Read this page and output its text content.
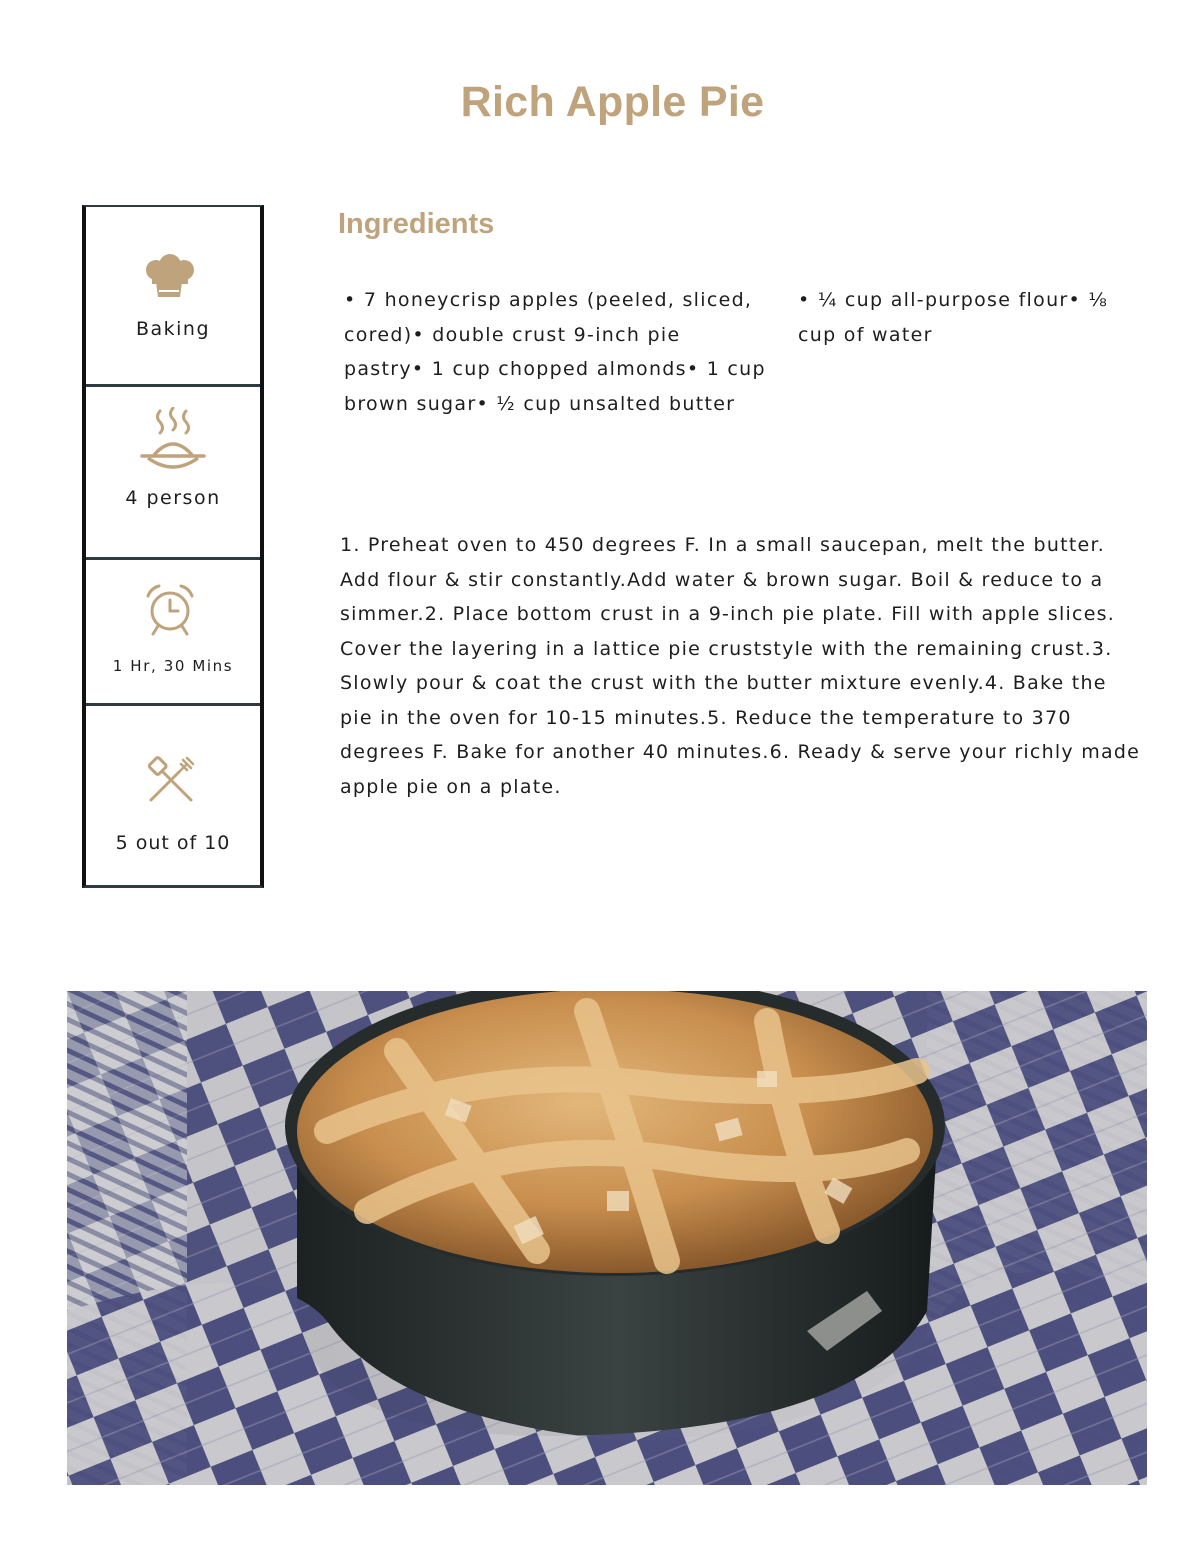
Rich Apple Pie
Baking
4 person
1 Hr, 30 Mins
5 out of 10
Ingredients
• 7 honeycrisp apples (peeled, sliced,
cored)• double crust 9-inch pie
pastry• 1 cup chopped almonds• 1 cup
brown sugar• ½ cup unsalted butter
• ¼ cup all-purpose flour• ⅛
cup of water
1. Preheat oven to 450 degrees F. In a small saucepan, melt the butter.
Add flour & stir constantly.Add water & brown sugar. Boil & reduce to a
simmer.2. Place bottom crust in a 9-inch pie plate. Fill with apple slices.
Cover the layering in a lattice pie cruststyle with the remaining crust.3.
Slowly pour & coat the crust with the butter mixture evenly.4. Bake the
pie in the oven for 10-15 minutes.5. Reduce the temperature to 370
degrees F. Bake for another 40 minutes.6. Ready & serve your richly made
apple pie on a plate.
